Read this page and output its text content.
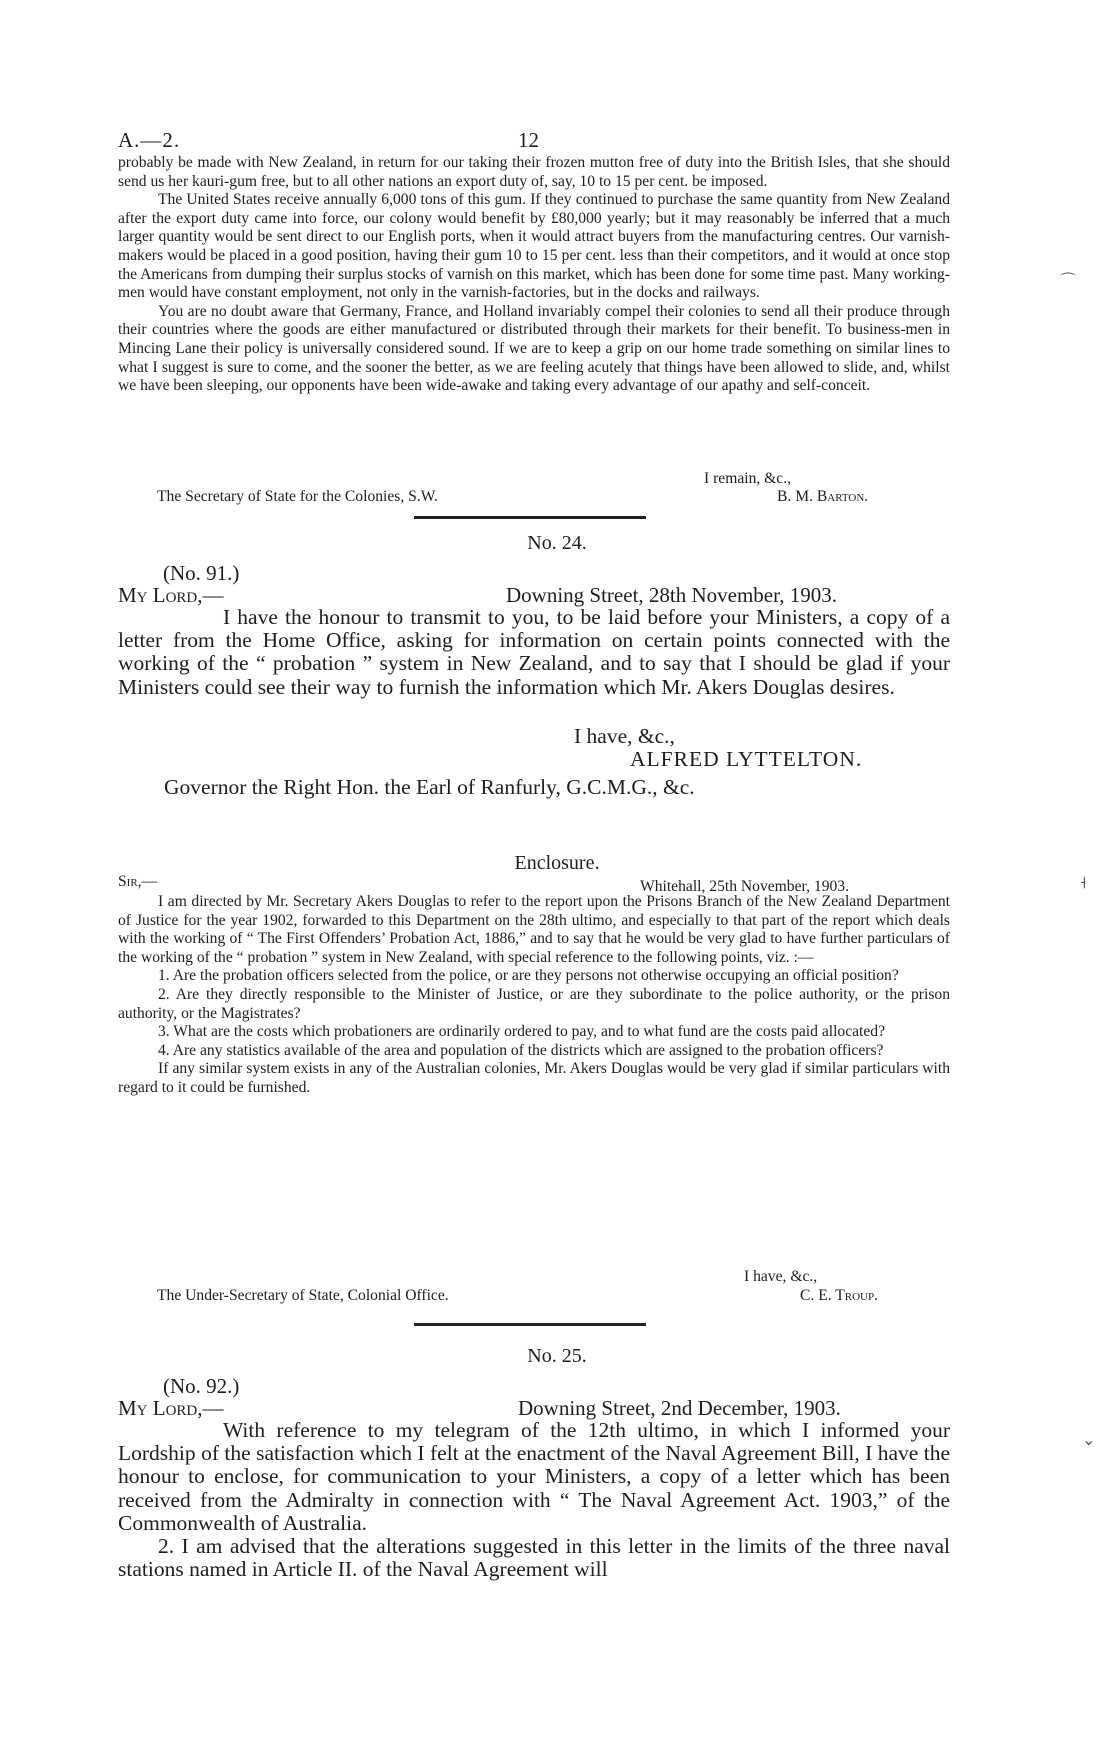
A.—2.	12

probably be made with New Zealand, in return for our taking their frozen mutton free of duty into the British Isles, that she should send us her kauri-gum free, but to all other nations an export duty of, say, 10 to 15 per cent. be imposed.

The United States receive annually 6,000 tons of this gum. If they continued to purchase the same quantity from New Zealand after the export duty came into force, our colony would benefit by £80,000 yearly; but it may reasonably be inferred that a much larger quantity would be sent direct to our English ports, when it would attract buyers from the manufacturing centres. Our varnish-makers would be placed in a good position, having their gum 10 to 15 per cent. less than their competitors, and it would at once stop the Americans from dumping their surplus stocks of varnish on this market, which has been done for some time past. Many working-men would have constant employment, not only in the varnish-factories, but in the docks and railways.

You are no doubt aware that Germany, France, and Holland invariably compel their colonies to send all their produce through their countries where the goods are either manufactured or distributed through their markets for their benefit. To business-men in Mincing Lane their policy is universally considered sound. If we are to keep a grip on our home trade something on similar lines to what I suggest is sure to come, and the sooner the better, as we are feeling acutely that things have been allowed to slide, and, whilst we have been sleeping, our opponents have been wide-awake and taking every advantage of our apathy and self-conceit.

I remain, &c.,
The Secretary of State for the Colonies, S.W.	B. M. Barton.
No. 24.
(No. 91.)
My Lord,—	Downing Street, 28th November, 1903.

I have the honour to transmit to you, to be laid before your Ministers, a copy of a letter from the Home Office, asking for information on certain points connected with the working of the “ probation ” system in New Zealand, and to say that I should be glad if your Ministers could see their way to furnish the information which Mr. Akers Douglas desires.

I have, &c.,
ALFRED LYTTELTON.
Governor the Right Hon. the Earl of Ranfurly, G.C.M.G., &c.
Enclosure.
Sir,—	Whitehall, 25th November, 1903.

I am directed by Mr. Secretary Akers Douglas to refer to the report upon the Prisons Branch of the New Zealand Department of Justice for the year 1902, forwarded to this Department on the 28th ultimo, and especially to that part of the report which deals with the working of “ The First Offenders’ Probation Act, 1886,” and to say that he would be very glad to have further particulars of the working of the “ probation ” system in New Zealand, with special reference to the following points, viz. :—

1. Are the probation officers selected from the police, or are they persons not otherwise occupying an official position?

2. Are they directly responsible to the Minister of Justice, or are they subordinate to the police authority, or the prison authority, or the Magistrates?

3. What are the costs which probationers are ordinarily ordered to pay, and to what fund are the costs paid allocated?

4. Are any statistics available of the area and population of the districts which are assigned to the probation officers?

If any similar system exists in any of the Australian colonies, Mr. Akers Douglas would be very glad if similar particulars with regard to it could be furnished.

I have, &c.,
The Under-Secretary of State, Colonial Office.	C. E. Troup.
No. 25.
(No. 92.)
My Lord,—	Downing Street, 2nd December, 1903.

With reference to my telegram of the 12th ultimo, in which I informed your Lordship of the satisfaction which I felt at the enactment of the Naval Agreement Bill, I have the honour to enclose, for communication to your Ministers, a copy of a letter which has been received from the Admiralty in connection with “ The Naval Agreement Act. 1903,” of the Commonwealth of Australia.

2. I am advised that the alterations suggested in this letter in the limits of the three naval stations named in Article II. of the Naval Agreement will

⌒
˧
⌄
